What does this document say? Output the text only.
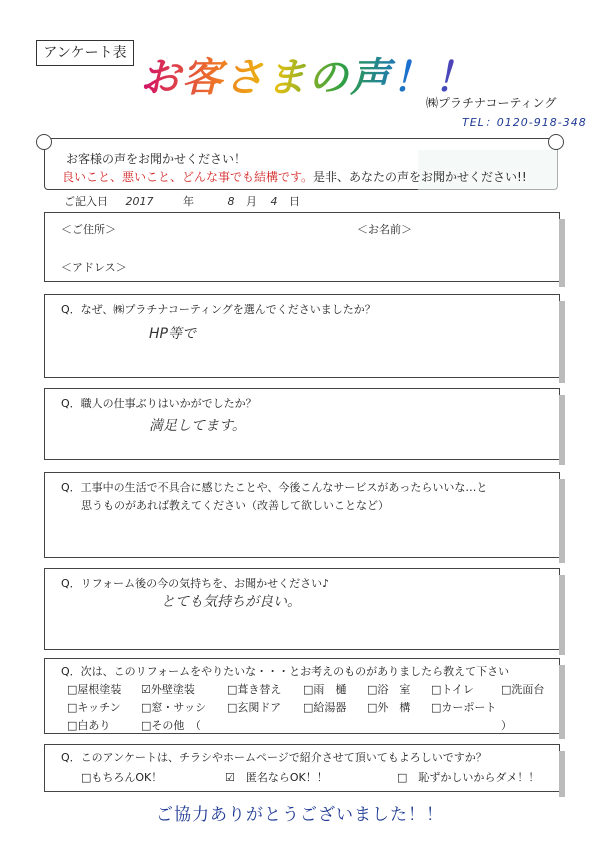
アンケート表
お客さまの声！！
㈱プラチナコーティング
TEL：0120-918-348
お客様の声をお聞かせください！
良いこと、悪いこと、どんな事でも結構です。是非、あなたの声をお聞かせください!!
ご記入日 2017	年	8 月 4 日
＜ご住所＞	＜お名前＞
＜アドレス＞
Q．なぜ、㈱プラチナコーティングを選んでくださいましたか？
HP等で
Q．職人の仕事ぶりはいかがでしたか？
満足してます。
Q．工事中の生活で不具合に感じたことや、今後こんなサービスがあったらいいな…と
思うものがあれば教えてください（改善して欲しいことなど）
Q．リフォーム後の今の気持ちを、お聞かせください♪
とても気持ちが良い。
Q．次は、このリフォームをやりたいな・・・とお考えのものがありましたら教えて下さい
□屋根塗装 ☑外壁塗装	□葺き替え □雨　樋 □浴　室 □トイレ □洗面台
□キッチン □窓・サッシ □玄関ドア □給湯器 □外　構 □カーポート
□白あり	□その他　（	）
Q．このアンケートは、チラシやホームページで紹介させて頂いてもよろしいですか？
□もちろんOK！	☑　匿名ならOK！！	□　恥ずかしいからダメ！！
ご協力ありがとうございました！！
